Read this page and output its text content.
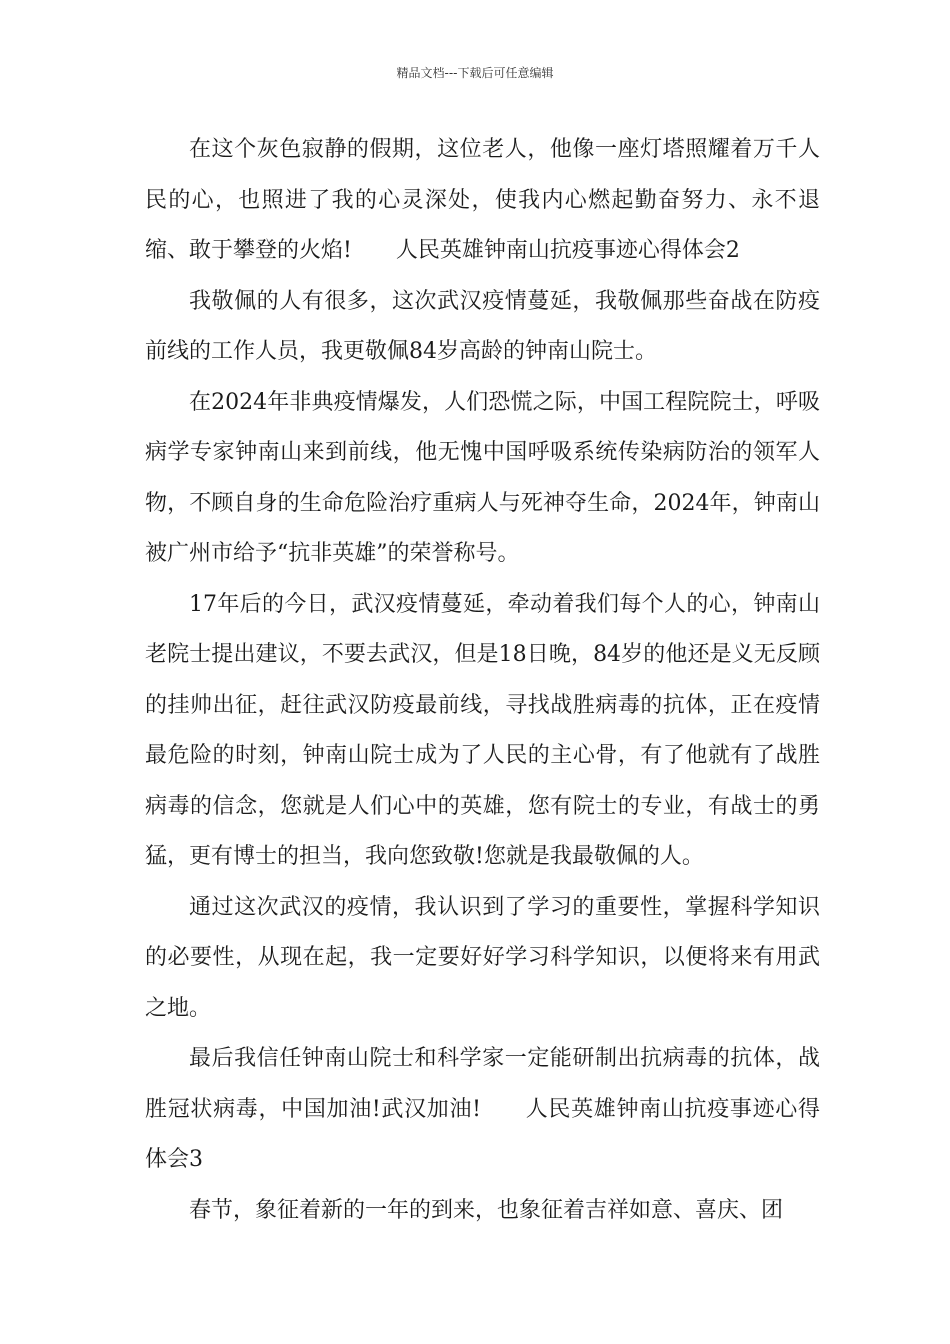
精品文档---下载后可任意编辑

在这个灰色寂静的假期，这位老人，他像一座灯塔照耀着万千人民的心，也照进了我的心灵深处，使我内心燃起勤奋努力、永不退缩、敢于攀登的火焰! 人民英雄钟南山抗疫事迹心得体会2

我敬佩的人有很多，这次武汉疫情蔓延，我敬佩那些奋战在防疫前线的工作人员，我更敬佩84岁高龄的钟南山院士。

在2024年非典疫情爆发，人们恐慌之际，中国工程院院士，呼吸病学专家钟南山来到前线，他无愧中国呼吸系统传染病防治的领军人物，不顾自身的生命危险治疗重病人与死神夺生命，2024年，钟南山被广州市给予“抗非英雄”的荣誉称号。

17年后的今日，武汉疫情蔓延，牵动着我们每个人的心，钟南山老院士提出建议，不要去武汉，但是18日晚，84岁的他还是义无反顾的挂帅出征，赶往武汉防疫最前线，寻找战胜病毒的抗体，正在疫情最危险的时刻，钟南山院士成为了人民的主心骨，有了他就有了战胜病毒的信念，您就是人们心中的英雄，您有院士的专业，有战士的勇猛，更有博士的担当，我向您致敬!您就是我最敬佩的人。

通过这次武汉的疫情，我认识到了学习的重要性，掌握科学知识的必要性，从现在起，我一定要好好学习科学知识，以便将来有用武之地。

最后我信任钟南山院士和科学家一定能研制出抗病毒的抗体，战胜冠状病毒，中国加油!武汉加油! 人民英雄钟南山抗疫事迹心得体会3

春节，象征着新的一年的到来，也象征着吉祥如意、喜庆、团
